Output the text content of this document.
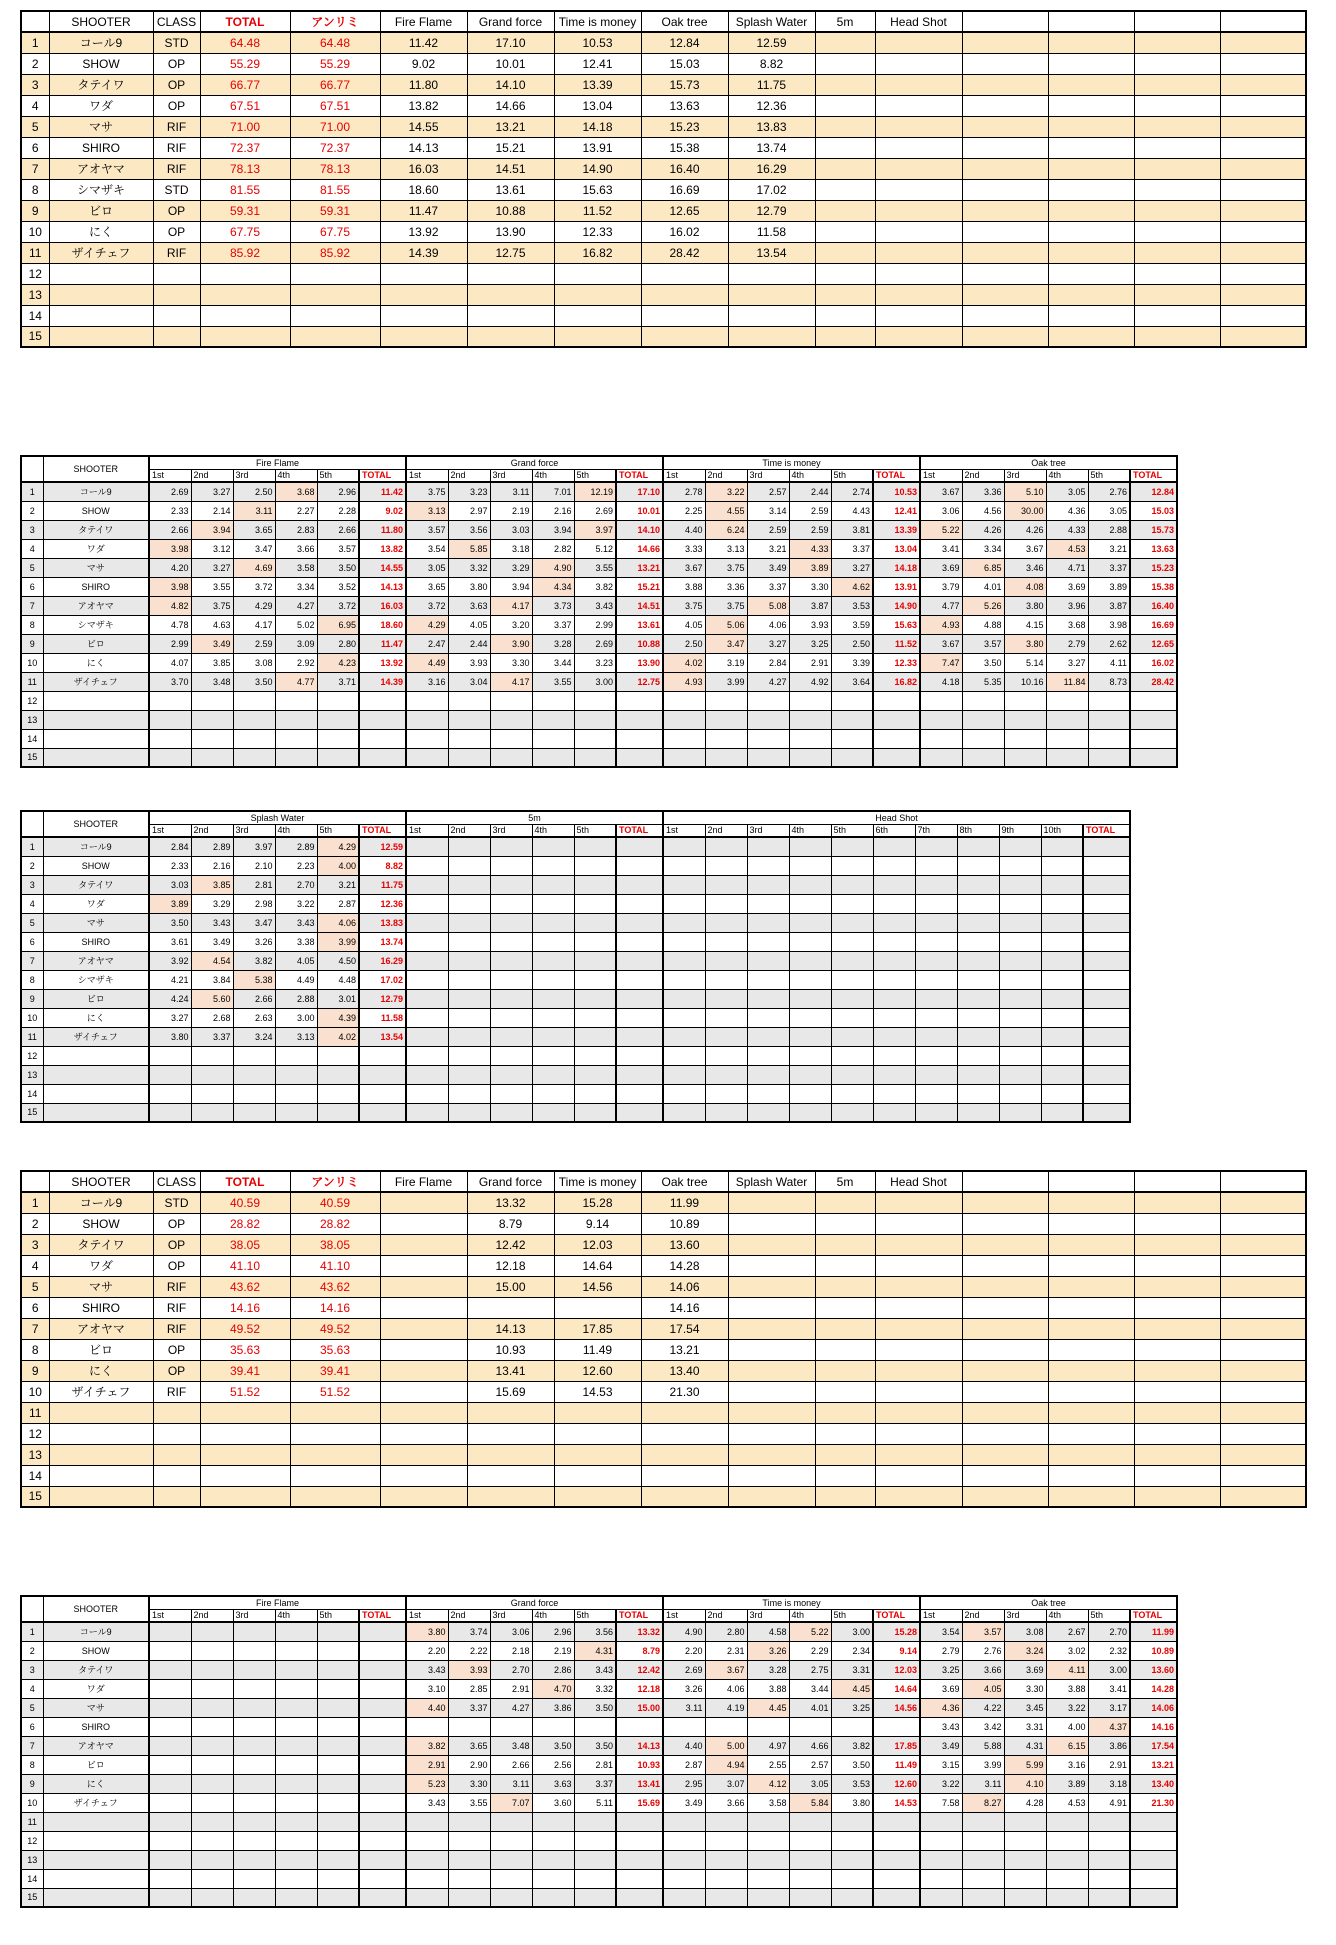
	SHOOTER	CLASS	TOTAL	アンリミ	Fire Flame	Grand force	Time is money	Oak tree	Splash Water	5m	Head Shot				
1	コール9	STD	64.48	64.48	11.42	17.10	10.53	12.84	12.59						
2	SHOW	OP	55.29	55.29	9.02	10.01	12.41	15.03	8.82						
3	タテイワ	OP	66.77	66.77	11.80	14.10	13.39	15.73	11.75						
4	ワダ	OP	67.51	67.51	13.82	14.66	13.04	13.63	12.36						
5	マサ	RIF	71.00	71.00	14.55	13.21	14.18	15.23	13.83						
6	SHIRO	RIF	72.37	72.37	14.13	15.21	13.91	15.38	13.74						
7	アオヤマ	RIF	78.13	78.13	16.03	14.51	14.90	16.40	16.29						
8	シマザキ	STD	81.55	81.55	18.60	13.61	15.63	16.69	17.02						
9	ビロ	OP	59.31	59.31	11.47	10.88	11.52	12.65	12.79						
10	にく	OP	67.75	67.75	13.92	13.90	12.33	16.02	11.58						
11	ザイチェフ	RIF	85.92	85.92	14.39	12.75	16.82	28.42	13.54						
12															
13															
14															
15															
	SHOOTER	Fire Flame						Grand force						Time is money						Oak tree					
		1st	2nd	3rd	4th	5th	TOTAL	1st	2nd	3rd	4th	5th	TOTAL	1st	2nd	3rd	4th	5th	TOTAL	1st	2nd	3rd	4th	5th	TOTAL
1	コール9	2.69	3.27	2.50	3.68	2.96	11.42	3.75	3.23	3.11	7.01	12.19	17.10	2.78	3.22	2.57	2.44	2.74	10.53	3.67	3.36	5.10	3.05	2.76	12.84
2	SHOW	2.33	2.14	3.11	2.27	2.28	9.02	3.13	2.97	2.19	2.16	2.69	10.01	2.25	4.55	3.14	2.59	4.43	12.41	3.06	4.56	30.00	4.36	3.05	15.03
3	タテイワ	2.66	3.94	3.65	2.83	2.66	11.80	3.57	3.56	3.03	3.94	3.97	14.10	4.40	6.24	2.59	2.59	3.81	13.39	5.22	4.26	4.26	4.33	2.88	15.73
4	ワダ	3.98	3.12	3.47	3.66	3.57	13.82	3.54	5.85	3.18	2.82	5.12	14.66	3.33	3.13	3.21	4.33	3.37	13.04	3.41	3.34	3.67	4.53	3.21	13.63
5	マサ	4.20	3.27	4.69	3.58	3.50	14.55	3.05	3.32	3.29	4.90	3.55	13.21	3.67	3.75	3.49	3.89	3.27	14.18	3.69	6.85	3.46	4.71	3.37	15.23
6	SHIRO	3.98	3.55	3.72	3.34	3.52	14.13	3.65	3.80	3.94	4.34	3.82	15.21	3.88	3.36	3.37	3.30	4.62	13.91	3.79	4.01	4.08	3.69	3.89	15.38
7	アオヤマ	4.82	3.75	4.29	4.27	3.72	16.03	3.72	3.63	4.17	3.73	3.43	14.51	3.75	3.75	5.08	3.87	3.53	14.90	4.77	5.26	3.80	3.96	3.87	16.40
8	シマザキ	4.78	4.63	4.17	5.02	6.95	18.60	4.29	4.05	3.20	3.37	2.99	13.61	4.05	5.06	4.06	3.93	3.59	15.63	4.93	4.88	4.15	3.68	3.98	16.69
9	ビロ	2.99	3.49	2.59	3.09	2.80	11.47	2.47	2.44	3.90	3.28	2.69	10.88	2.50	3.47	3.27	3.25	2.50	11.52	3.67	3.57	3.80	2.79	2.62	12.65
10	にく	4.07	3.85	3.08	2.92	4.23	13.92	4.49	3.93	3.30	3.44	3.23	13.90	4.02	3.19	2.84	2.91	3.39	12.33	7.47	3.50	5.14	3.27	4.11	16.02
11	ザイチェフ	3.70	3.48	3.50	4.77	3.71	14.39	3.16	3.04	4.17	3.55	3.00	12.75	4.93	3.99	4.27	4.92	3.64	16.82	4.18	5.35	10.16	11.84	8.73	28.42
12																									
13																									
14																									
15																									
	SHOOTER	Splash Water						5m						Head Shot										
		1st	2nd	3rd	4th	5th	TOTAL	1st	2nd	3rd	4th	5th	TOTAL	1st	2nd	3rd	4th	5th	6th	7th	8th	9th	10th	TOTAL
1	コール9	2.84	2.89	3.97	2.89	4.29	12.59																	
2	SHOW	2.33	2.16	2.10	2.23	4.00	8.82																	
3	タテイワ	3.03	3.85	2.81	2.70	3.21	11.75																	
4	ワダ	3.89	3.29	2.98	3.22	2.87	12.36																	
5	マサ	3.50	3.43	3.47	3.43	4.06	13.83																	
6	SHIRO	3.61	3.49	3.26	3.38	3.99	13.74																	
7	アオヤマ	3.92	4.54	3.82	4.05	4.50	16.29																	
8	シマザキ	4.21	3.84	5.38	4.49	4.48	17.02																	
9	ビロ	4.24	5.60	2.66	2.88	3.01	12.79																	
10	にく	3.27	2.68	2.63	3.00	4.39	11.58																	
11	ザイチェフ	3.80	3.37	3.24	3.13	4.02	13.54																	
12																								
13																								
14																								
15																								
	SHOOTER	CLASS	TOTAL	アンリミ	Fire Flame	Grand force	Time is money	Oak tree	Splash Water	5m	Head Shot				
1	コール9	STD	40.59	40.59		13.32	15.28	11.99							
2	SHOW	OP	28.82	28.82		8.79	9.14	10.89							
3	タテイワ	OP	38.05	38.05		12.42	12.03	13.60							
4	ワダ	OP	41.10	41.10		12.18	14.64	14.28							
5	マサ	RIF	43.62	43.62		15.00	14.56	14.06							
6	SHIRO	RIF	14.16	14.16				14.16							
7	アオヤマ	RIF	49.52	49.52		14.13	17.85	17.54							
8	ビロ	OP	35.63	35.63		10.93	11.49	13.21							
9	にく	OP	39.41	39.41		13.41	12.60	13.40							
10	ザイチェフ	RIF	51.52	51.52		15.69	14.53	21.30							
11															
12															
13															
14															
15															
	SHOOTER	Fire Flame						Grand force						Time is money						Oak tree					
		1st	2nd	3rd	4th	5th	TOTAL	1st	2nd	3rd	4th	5th	TOTAL	1st	2nd	3rd	4th	5th	TOTAL	1st	2nd	3rd	4th	5th	TOTAL
1	コール9							3.80	3.74	3.06	2.96	3.56	13.32	4.90	2.80	4.58	5.22	3.00	15.28	3.54	3.57	3.08	2.67	2.70	11.99
2	SHOW							2.20	2.22	2.18	2.19	4.31	8.79	2.20	2.31	3.26	2.29	2.34	9.14	2.79	2.76	3.24	3.02	2.32	10.89
3	タテイワ							3.43	3.93	2.70	2.86	3.43	12.42	2.69	3.67	3.28	2.75	3.31	12.03	3.25	3.66	3.69	4.11	3.00	13.60
4	ワダ							3.10	2.85	2.91	4.70	3.32	12.18	3.26	4.06	3.88	3.44	4.45	14.64	3.69	4.05	3.30	3.88	3.41	14.28
5	マサ							4.40	3.37	4.27	3.86	3.50	15.00	3.11	4.19	4.45	4.01	3.25	14.56	4.36	4.22	3.45	3.22	3.17	14.06
6	SHIRO																			3.43	3.42	3.31	4.00	4.37	14.16
7	アオヤマ							3.82	3.65	3.48	3.50	3.50	14.13	4.40	5.00	4.97	4.66	3.82	17.85	3.49	5.88	4.31	6.15	3.86	17.54
8	ビロ							2.91	2.90	2.66	2.56	2.81	10.93	2.87	4.94	2.55	2.57	3.50	11.49	3.15	3.99	5.99	3.16	2.91	13.21
9	にく							5.23	3.30	3.11	3.63	3.37	13.41	2.95	3.07	4.12	3.05	3.53	12.60	3.22	3.11	4.10	3.89	3.18	13.40
10	ザイチェフ							3.43	3.55	7.07	3.60	5.11	15.69	3.49	3.66	3.58	5.84	3.80	14.53	7.58	8.27	4.28	4.53	4.91	21.30
11																									
12																									
13																									
14																									
15																									
